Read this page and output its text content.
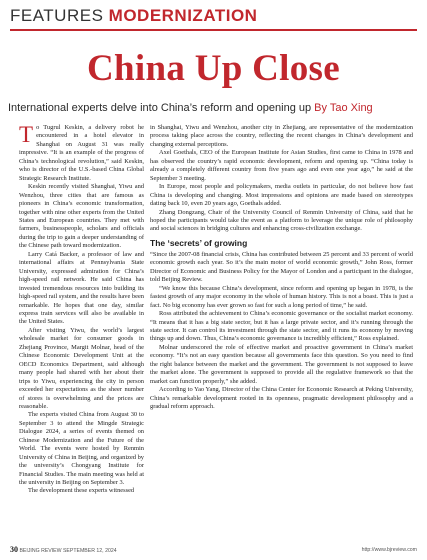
FEATURES MODERNIZATION
China Up Close
International experts delve into China’s reform and opening up By Tao Xing

To Tugrul Keskin, a delivery robot he encountered in a hotel elevator in Shanghai on August 31 was really impressive. “It is an example of the progress of China’s technological revolution,” said Keskin, who is director of the U.S.-based China Global Strategic Research Institute.

Keskin recently visited Shanghai, Yiwu and Wenzhou, three cities that are famous as pioneers in China’s economic transformation, together with nine other experts from the United States and European countries. They met with farmers, businesspeople, scholars and officials during the trip to gain a deeper understanding of the Chinese path toward modernization.

Larry Catá Backer, a professor of law and international affairs at Pennsylvania State University, expressed admiration for China’s high-speed rail network. He said China has invested tremendous resources into building its high-speed rail system, and the results have been remarkable. He hopes that one day, similar express train services will also be available in the United States.

After visiting Yiwu, the world’s largest wholesale market for consumer goods in Zhejiang Province, Margit Molnar, head of the Chinese Economic Development Unit at the OECD Economics Department, said although many people had shared with her about their trips to Yiwu, experiencing the city in person exceeded her expectations as the sheer number of stores is overwhelming and the prices are reasonable.

The experts visited China from August 30 to September 3 to attend the Mingde Strategic Dialogue 2024, a series of events themed on Chinese Modernization and the Future of the World. The events were hosted by Renmin University of China in Beijing, and organized by the university’s Chongyang Institute for Financial Studies. The main meeting was held at the university in Beijing on September 3.

The development these experts witnessed

in Shanghai, Yiwu and Wenzhou, another city in Zhejiang, are representative of the modernization process taking place across the country, reflecting the recent changes in China’s development and changing external perceptions.

Axel Goethals, CEO of the European Institute for Asian Studies, first came to China in 1978 and has observed the country’s rapid economic development, reform and opening up. “China today is already a completely different country from five years ago and even one year ago,” he said at the September 3 meeting.

In Europe, most people and policymakers, media outlets in particular, do not believe how fast China is developing and changing. Most impressions and opinions are made based on stereotypes dating back 10, even 20 years ago, Goethals added.

Zhang Dongzang, Chair of the University Council of Renmin University of China, said that he hoped the participants would take the event as a platform to leverage the unique role of philosophy and social sciences in bridging cultures and enhancing cross-civilization exchange.

The ‘secrets’ of growing

“Since the 2007-08 financial crisis, China has contributed between 25 percent and 33 percent of world economic growth each year. So it’s the main motor of world economic growth,” John Ross, former Director of Economic and Business Policy for the Mayor of London and a participant in the dialogue, told Beijing Review.

“We know this because China’s development, since reform and opening up began in 1978, is the fastest growth of any major economy in the whole of human history. This is not a boast. This is just a fact. No big economy has ever grown so fast for such a long period of time,” he said.

Ross attributed the achievement to China’s economic governance or the socialist market economy. “It means that it has a big state sector, but it has a large private sector, and it’s running through the state sector. It can control its investment through the state sector, and it runs its economy by moving things up and down. Thus, China’s economic governance is incredibly efficient,” Ross explained.

Molnar underscored the role of effective market and proactive government in China’s market economy. “It’s not an easy question because all governments face this question. So you need to find the right balance between the market and the government. The government is not supposed to leave the market alone. The government is supposed to provide all the regulative framework so that the market can function properly,” she added.

According to Yao Yang, Director of the China Center for Economic Research at Peking University, China’s remarkable development rooted in its openness, pragmatic development philosophy and a gradual reform approach.

30 BEIJING REVIEW SEPTEMBER 12, 2024	http://www.bjreview.com
